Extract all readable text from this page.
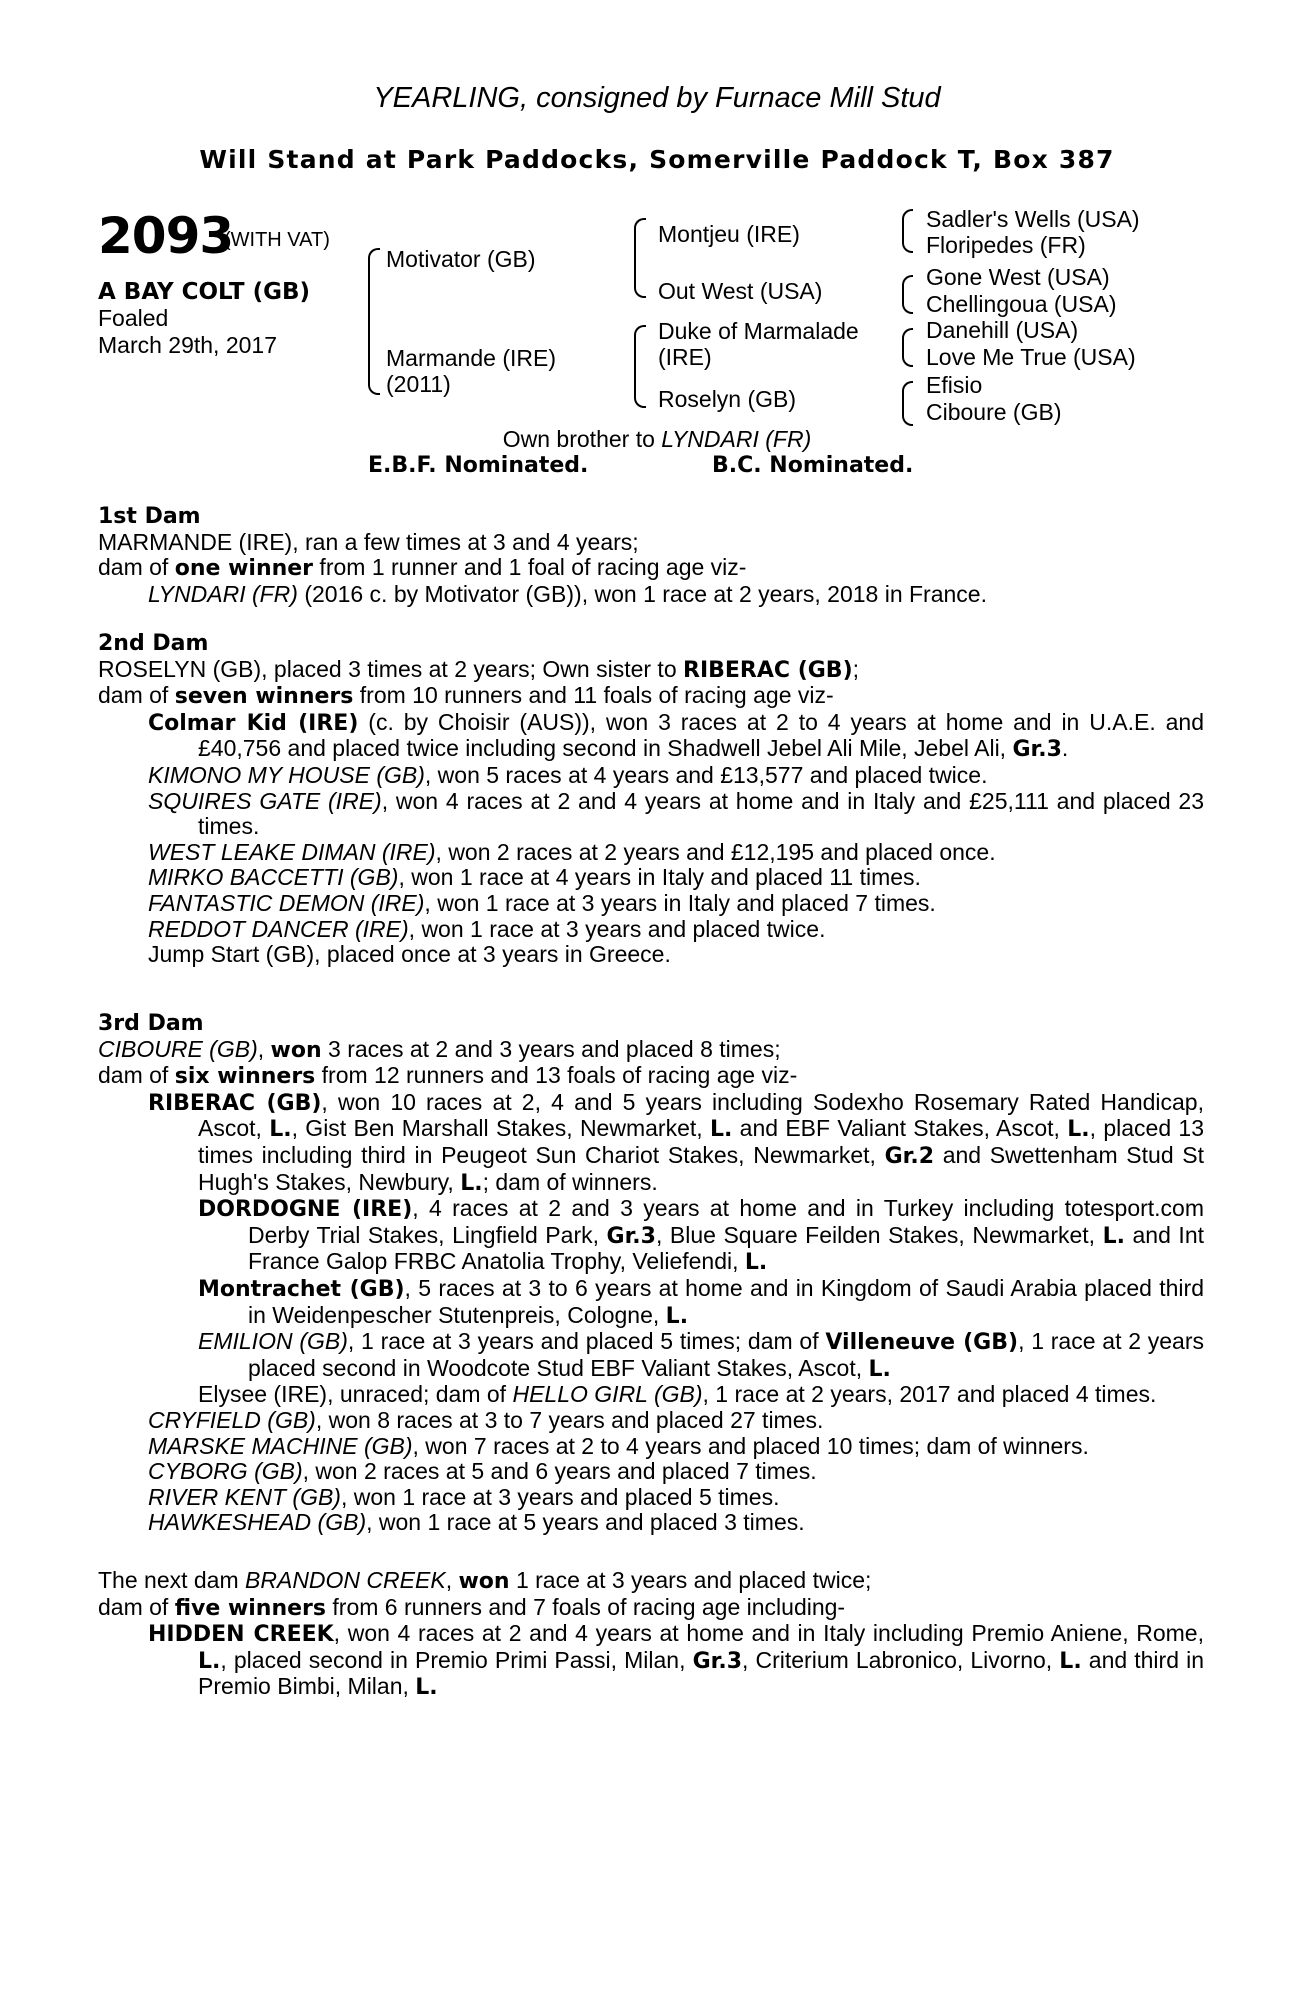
YEARLING, consigned by Furnace Mill Stud
Will Stand at Park Paddocks, Somerville Paddock T, Box 387
2093
(WITH VAT)
A BAY COLT (GB)
Foaled
March 29th, 2017
Motivator (GB)
Marmande (IRE)
(2011)
Montjeu (IRE)
Out West (USA)
Duke of Marmalade
(IRE)
Roselyn (GB)
Sadler's Wells (USA)
Floripedes (FR)
Gone West (USA)
Chellingoua (USA)
Danehill (USA)
Love Me True (USA)
Efisio
Ciboure (GB)
Own brother to LYNDARI (FR)
E.B.F. Nominated.	B.C. Nominated.

1st Dam

MARMANDE (IRE), ran a few times at 3 and 4 years;

dam of one winner from 1 runner and 1 foal of racing age viz-

LYNDARI (FR) (2016 c. by Motivator (GB)), won 1 race at 2 years, 2018 in France.

2nd Dam

ROSELYN (GB), placed 3 times at 2 years; Own sister to RIBERAC (GB);

dam of seven winners from 10 runners and 11 foals of racing age viz-

Colmar Kid (IRE) (c. by Choisir (AUS)), won 3 races at 2 to 4 years at home and in U.A.E. and £40,756 and placed twice including second in Shadwell Jebel Ali Mile, Jebel Ali, Gr.3.

KIMONO MY HOUSE (GB), won 5 races at 4 years and £13,577 and placed twice.

SQUIRES GATE (IRE), won 4 races at 2 and 4 years at home and in Italy and £25,111 and placed 23 times.

WEST LEAKE DIMAN (IRE), won 2 races at 2 years and £12,195 and placed once.

MIRKO BACCETTI (GB), won 1 race at 4 years in Italy and placed 11 times.

FANTASTIC DEMON (IRE), won 1 race at 3 years in Italy and placed 7 times.

REDDOT DANCER (IRE), won 1 race at 3 years and placed twice.

Jump Start (GB), placed once at 3 years in Greece.

3rd Dam

CIBOURE (GB), won 3 races at 2 and 3 years and placed 8 times;

dam of six winners from 12 runners and 13 foals of racing age viz-

RIBERAC (GB), won 10 races at 2, 4 and 5 years including Sodexho Rosemary Rated Handicap, Ascot, L., Gist Ben Marshall Stakes, Newmarket, L. and EBF Valiant Stakes, Ascot, L., placed 13 times including third in Peugeot Sun Chariot Stakes, Newmarket, Gr.2 and Swettenham Stud St Hugh's Stakes, Newbury, L.; dam of winners.

DORDOGNE (IRE), 4 races at 2 and 3 years at home and in Turkey including totesport.com Derby Trial Stakes, Lingfield Park, Gr.3, Blue Square Feilden Stakes, Newmarket, L. and Int France Galop FRBC Anatolia Trophy, Veliefendi, L.

Montrachet (GB), 5 races at 3 to 6 years at home and in Kingdom of Saudi Arabia placed third in Weidenpescher Stutenpreis, Cologne, L.

EMILION (GB), 1 race at 3 years and placed 5 times; dam of Villeneuve (GB), 1 race at 2 years placed second in Woodcote Stud EBF Valiant Stakes, Ascot, L.

Elysee (IRE), unraced; dam of HELLO GIRL (GB), 1 race at 2 years, 2017 and placed 4 times.

CRYFIELD (GB), won 8 races at 3 to 7 years and placed 27 times.

MARSKE MACHINE (GB), won 7 races at 2 to 4 years and placed 10 times; dam of winners.

CYBORG (GB), won 2 races at 5 and 6 years and placed 7 times.

RIVER KENT (GB), won 1 race at 3 years and placed 5 times.

HAWKESHEAD (GB), won 1 race at 5 years and placed 3 times.

The next dam BRANDON CREEK, won 1 race at 3 years and placed twice;

dam of five winners from 6 runners and 7 foals of racing age including-

HIDDEN CREEK, won 4 races at 2 and 4 years at home and in Italy including Premio Aniene, Rome, L., placed second in Premio Primi Passi, Milan, Gr.3, Criterium Labronico, Livorno, L. and third in Premio Bimbi, Milan, L.
